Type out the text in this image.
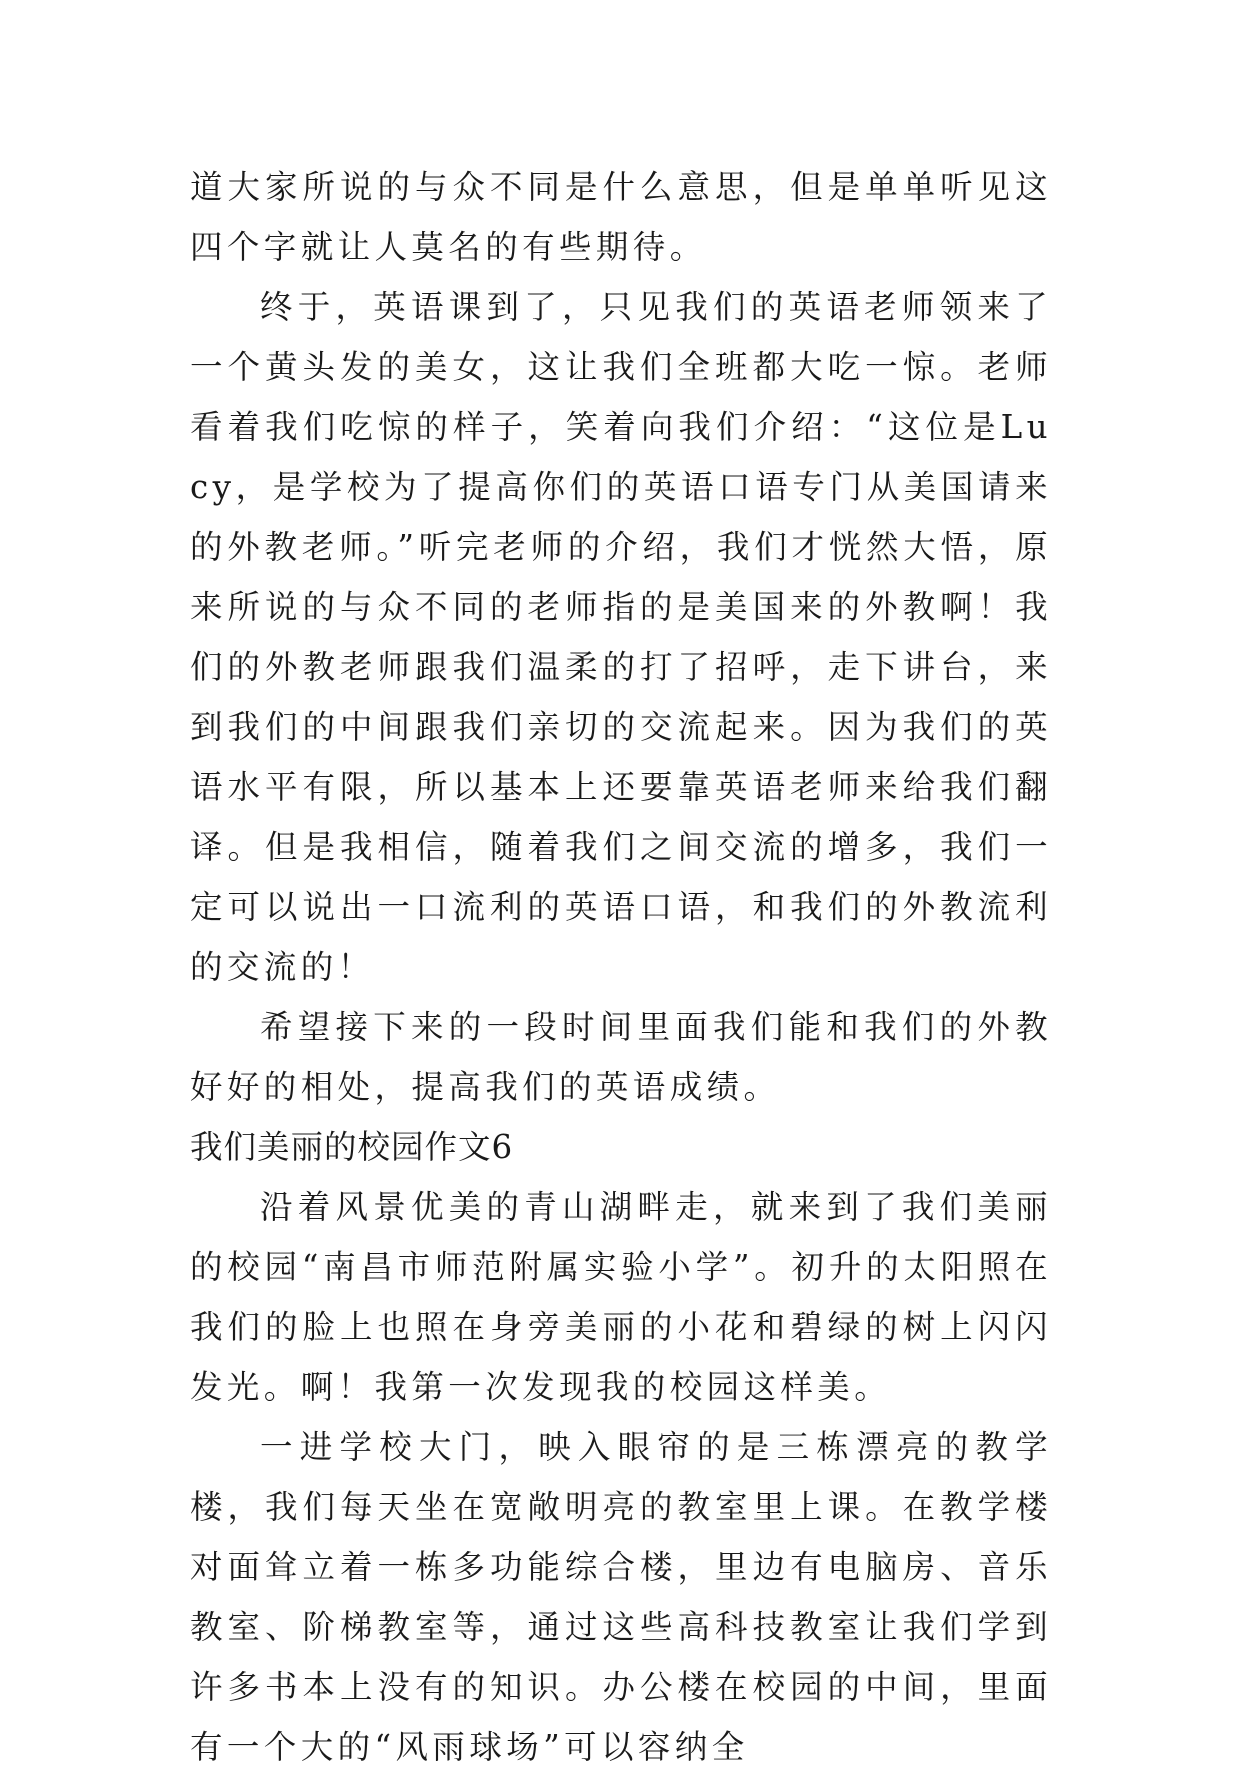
道大家所说的与众不同是什么意思，但是单单听见这四个字就让人莫名的有些期待。

终于，英语课到了，只见我们的英语老师领来了一个黄头发的美女，这让我们全班都大吃一惊。老师看着我们吃惊的样子，笑着向我们介绍：“这位是Lucy，是学校为了提高你们的英语口语专门从美国请来的外教老师。”听完老师的介绍，我们才恍然大悟，原来所说的与众不同的老师指的是美国来的外教啊！我们的外教老师跟我们温柔的打了招呼，走下讲台，来到我们的中间跟我们亲切的交流起来。因为我们的英语水平有限，所以基本上还要靠英语老师来给我们翻译。但是我相信，随着我们之间交流的增多，我们一定可以说出一口流利的英语口语，和我们的外教流利的交流的！

希望接下来的一段时间里面我们能和我们的外教好好的相处，提高我们的英语成绩。

我们美丽的校园作文6

沿着风景优美的青山湖畔走，就来到了我们美丽的校园“南昌市师范附属实验小学”。初升的太阳照在我们的脸上也照在身旁美丽的小花和碧绿的树上闪闪发光。啊！我第一次发现我的校园这样美。

一进学校大门，映入眼帘的是三栋漂亮的教学楼，我们每天坐在宽敞明亮的教室里上课。在教学楼对面耸立着一栋多功能综合楼，里边有电脑房、音乐教室、阶梯教室等，通过这些高科技教室让我们学到许多书本上没有的知识。办公楼在校园的中间，里面有一个大的“风雨球场”可以容纳全
